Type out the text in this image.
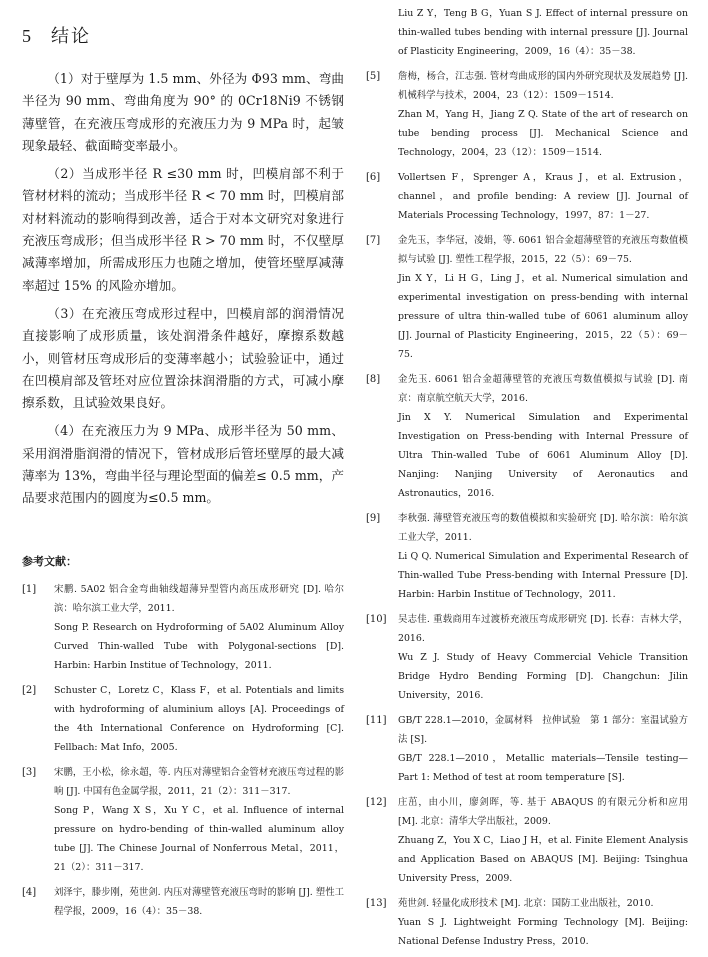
5 结论

（1）对于壁厚为 1.5 mm、外径为 Φ93 mm、弯曲半径为 90 mm、弯曲角度为 90° 的 0Cr18Ni9 不锈钢薄壁管，在充液压弯成形的充液压力为 9 MPa 时，起皱现象最轻、截面畸变率最小。

（2）当成形半径 R ≤30 mm 时，凹模肩部不利于管材材料的流动；当成形半径 R < 70 mm 时，凹模肩部对材料流动的影响得到改善，适合于对本文研究对象进行充液压弯成形；但当成形半径 R > 70 mm 时，不仅壁厚减薄率增加，所需成形压力也随之增加，使管坯壁厚减薄率超过 15% 的风险亦增加。

（3）在充液压弯成形过程中，凹模肩部的润滑情况直接影响了成形质量，该处润滑条件越好，摩擦系数越小，则管材压弯成形后的变薄率越小；试验验证中，通过在凹模肩部及管坯对应位置涂抹润滑脂的方式，可减小摩擦系数，且试验效果良好。

（4）在充液压力为 9 MPa、成形半径为 50 mm、采用润滑脂润滑的情况下，管材成形后管坯壁厚的最大减薄率为 13%，弯曲半径与理论型面的偏差≤ 0.5 mm，产品要求范围内的圆度为≤0.5 mm。

参考文献：
[1] 宋鹏. 5A02 铝合金弯曲轴线超薄异型管内高压成形研究 [D]. 哈尔滨：哈尔滨工业大学，2011.
Song P. Research on Hydroforming of 5A02 Aluminum Alloy Curved Thin-walled Tube with Polygonal-sections [D]. Harbin: Harbin Institue of Technology，2011.
[2] Schuster C，Loretz C，Klass F，et al. Potentials and limits with hydroforming of aluminium alloys [A]. Proceedings of the 4th International Conference on Hydroforming [C]. Fellbach: Mat Info，2005.
[3] 宋鹏，王小松，徐永超，等. 内压对薄壁铝合金管材充液压弯过程的影响 [J]. 中国有色金属学报，2011，21（2）：311－317.
Song P，Wang X S，Xu Y C，et al. Influence of internal pressure on hydro-bending of thin-walled aluminum alloy tube [J]. The Chinese Journal of Nonferrous Metal，2011，21（2）：311－317.
[4] 刘泽宇，滕步刚，苑世剑. 内压对薄壁管充液压弯时的影响 [J]. 塑性工程学报，2009，16（4）：35－38.
Liu Z Y，Teng B G，Yuan S J. Effect of internal pressure on thin-walled tubes bending with internal pressure [J]. Journal of Plasticity Engineering，2009，16（4）：35－38.
[5] 詹梅，杨合，江志强. 管材弯曲成形的国内外研究现状及发展趋势 [J]. 机械科学与技术，2004，23（12）：1509－1514.
Zhan M，Yang H，Jiang Z Q. State of the art of research on tube bending process [J]. Mechanical Science and Technology，2004，23（12）：1509－1514.
[6] Vollertsen F，Sprenger A，Kraus J，et al. Extrusion，channel，and profile bending: A review [J]. Journal of Materials Processing Technology，1997，87：1－27.
[7] 金先玉，李华冠，凌娟，等. 6061 铝合金超薄壁管的充液压弯数值模拟与试验 [J]. 塑性工程学报，2015，22（5）：69－75.
Jin X Y，Li H G，Ling J，et al. Numerical simulation and experimental investigation on press-bending with internal pressure of ultra thin-walled tube of 6061 aluminum alloy [J]. Journal of Plasticity Engineering，2015，22（5）：69－75.
[8] 金先玉. 6061 铝合金超薄壁管的充液压弯数值模拟与试验 [D]. 南京：南京航空航天大学，2016.
Jin X Y. Numerical Simulation and Experimental Investigation on Press-bending with Internal Pressure of Ultra Thin-walled Tube of 6061 Aluminum Alloy [D]. Nanjing: Nanjing University of Aeronautics and Astronautics，2016.
[9] 李秋强. 薄壁管充液压弯的数值模拟和实验研究 [D]. 哈尔滨：哈尔滨工业大学，2011.
Li Q Q. Numerical Simulation and Experimental Research of Thin-walled Tube Press-bending with Internal Pressure [D]. Harbin: Harbin Institue of Technology，2011.
[10] 吴志佳. 重载商用车过渡桥充液压弯成形研究 [D]. 长春：吉林大学，2016.
Wu Z J. Study of Heavy Commercial Vehicle Transition Bridge Hydro Bending Forming [D]. Changchun: Jilin University，2016.
[11] GB/T 228.1—2010，金属材料　拉伸试验　第 1 部分：室温试验方法 [S].
GB/T 228.1—2010，Metallic materials—Tensile testing—Part 1: Method of test at room temperature [S].
[12] 庄茁，由小川，廖剑晖，等. 基于 ABAQUS 的有限元分析和应用 [M]. 北京：清华大学出版社，2009.
Zhuang Z，You X C，Liao J H，et al. Finite Element Analysis and Application Based on ABAQUS [M]. Beijing: Tsinghua University Press，2009.
[13] 苑世剑. 轻量化成形技术 [M]. 北京：国防工业出版社，2010.
Yuan S J. Lightweight Forming Technology [M]. Beijing: National Defense Industry Press，2010.
